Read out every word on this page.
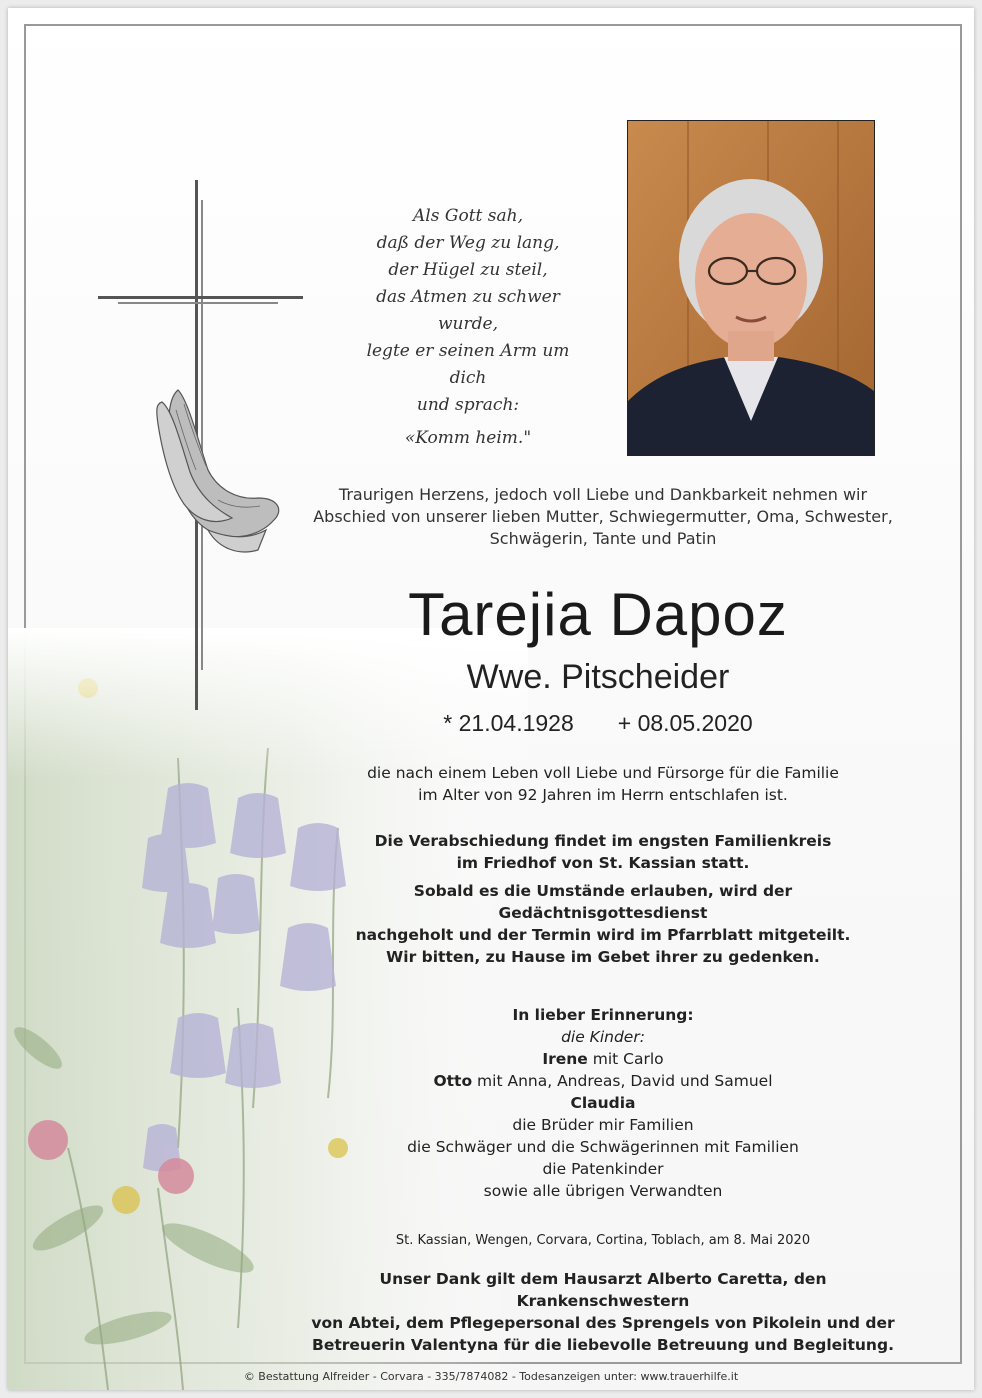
Als Gott sah,
daß der Weg zu lang,
der Hügel zu steil,
das Atmen zu schwer wurde,
legte er seinen Arm um dich
und sprach:
«Komm heim."
Traurigen Herzens, jedoch voll Liebe und Dankbarkeit nehmen wir
Abschied von unserer lieben Mutter, Schwiegermutter, Oma, Schwester,
Schwägerin, Tante und Patin
Tarejia Dapoz
Wwe. Pitscheider
* 21.04.1928 + 08.05.2020
die nach einem Leben voll Liebe und Fürsorge für die Familie
im Alter von 92 Jahren im Herrn entschlafen ist.
Die Verabschiedung findet im engsten Familienkreis
im Friedhof von St. Kassian statt.
Sobald es die Umstände erlauben, wird der Gedächtnisgottesdienst
nachgeholt und der Termin wird im Pfarrblatt mitgeteilt.
Wir bitten, zu Hause im Gebet ihrer zu gedenken.
In lieber Erinnerung:
die Kinder:
Irene mit Carlo
Otto mit Anna, Andreas, David und Samuel
Claudia
die Brüder mir Familien
die Schwäger und die Schwägerinnen mit Familien
die Patenkinder
sowie alle übrigen Verwandten
St. Kassian, Wengen, Corvara, Cortina, Toblach, am 8. Mai 2020
Unser Dank gilt dem Hausarzt Alberto Caretta, den Krankenschwestern
von Abtei, dem Pflegepersonal des Sprengels von Pikolein und der
Betreuerin Valentyna für die liebevolle Betreuung und Begleitung.
© Bestattung Alfreider - Corvara - 335/7874082 - Todesanzeigen unter: www.trauerhilfe.it
